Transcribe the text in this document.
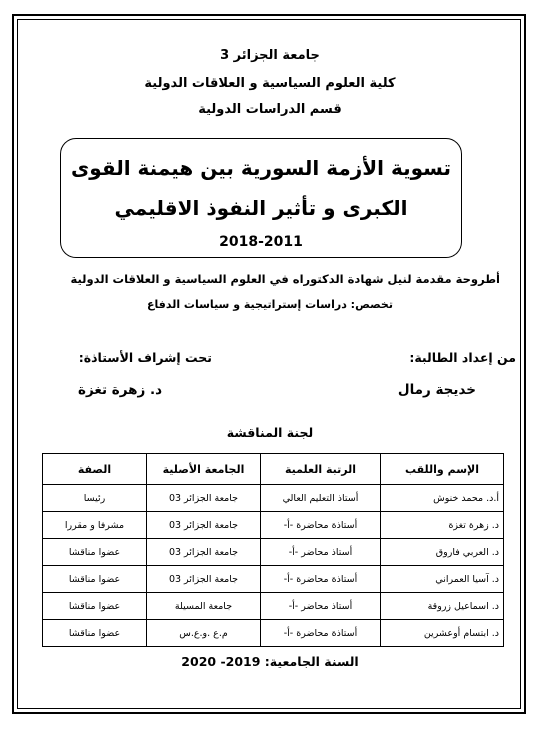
جامعة الجزائر 3
كلية العلوم السياسية و العلاقات الدولية
قسم الدراسات الدولية
تسوية الأزمة السورية بين هيمنة القوى
الكبرى و تأثير النفوذ الاقليمي
2018-2011
أطروحة مقدمة لنيل شهادة الدكتوراه في العلوم السياسية و العلاقات الدولية
تخصص: دراسات إستراتيجية و سياسات الدفاع
من إعداد الطالبة:
تحت إشراف الأستاذة:
خديجة رمال
د. زهرة تغزة
لجنة المناقشة
الإسم واللقب	الرتبة العلمية	الجامعة الأصلية	الصفة
أ.د. محمد خنوش	أستاذ التعليم العالي	جامعة الجزائر 03	رئيسا
د. زهرة تغزة	أستاذة محاضرة -أ-	جامعة الجزائر 03	مشرفا و مقررا
د. العربي فاروق	أستاذ محاضر -أ-	جامعة الجزائر 03	عضوا مناقشا
د. آسيا العمراني	أستاذة محاضرة -أ-	جامعة الجزائر 03	عضوا مناقشا
د. اسماعيل زروقة	أستاذ محاضر -أ-	جامعة المسيلة	عضوا مناقشا
د. ابتسام أوعشرين	أستاذة محاضرة -أ-	م.ع .و.ع.س	عضوا مناقشا
السنة الجامعية: 2019- 2020
